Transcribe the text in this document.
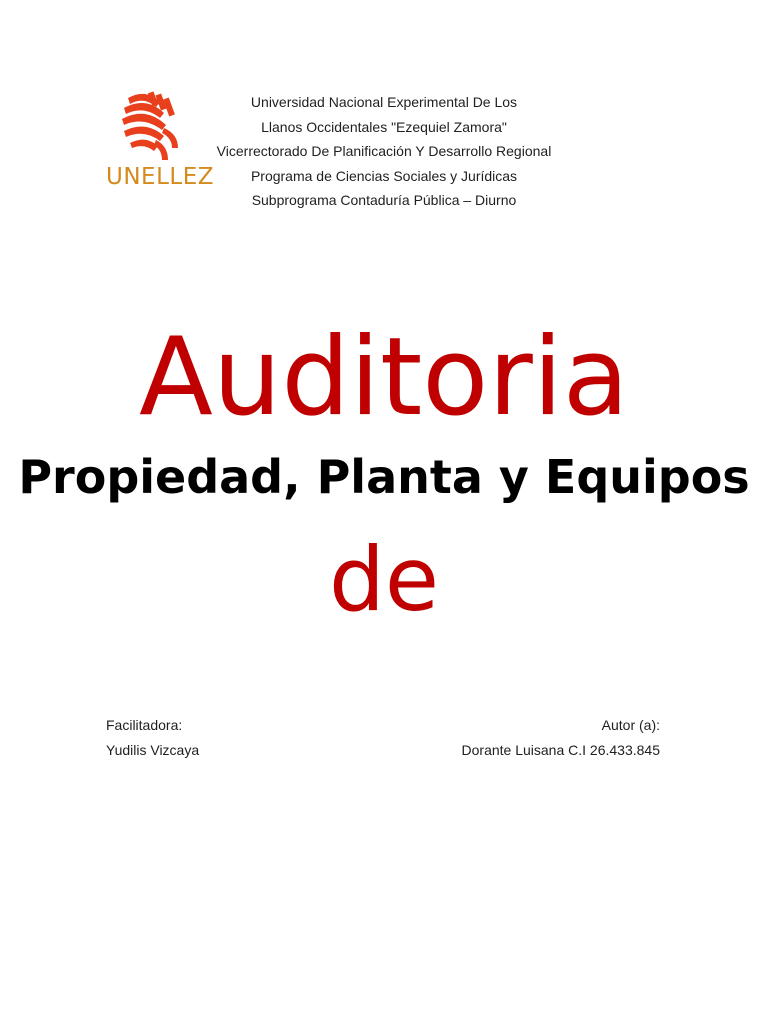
UNELLEZ
Universidad Nacional Experimental De Los
Llanos Occidentales "Ezequiel Zamora"
Vicerrectorado De Planificación Y Desarrollo Regional
Programa de Ciencias Sociales y Jurídicas
Subprograma Contaduría Pública – Diurno
Auditoria
Propiedad, Planta y Equipos
de
Facilitadora:
Yudilis Vizcaya
Autor (a):
Dorante Luisana C.I 26.433.845
